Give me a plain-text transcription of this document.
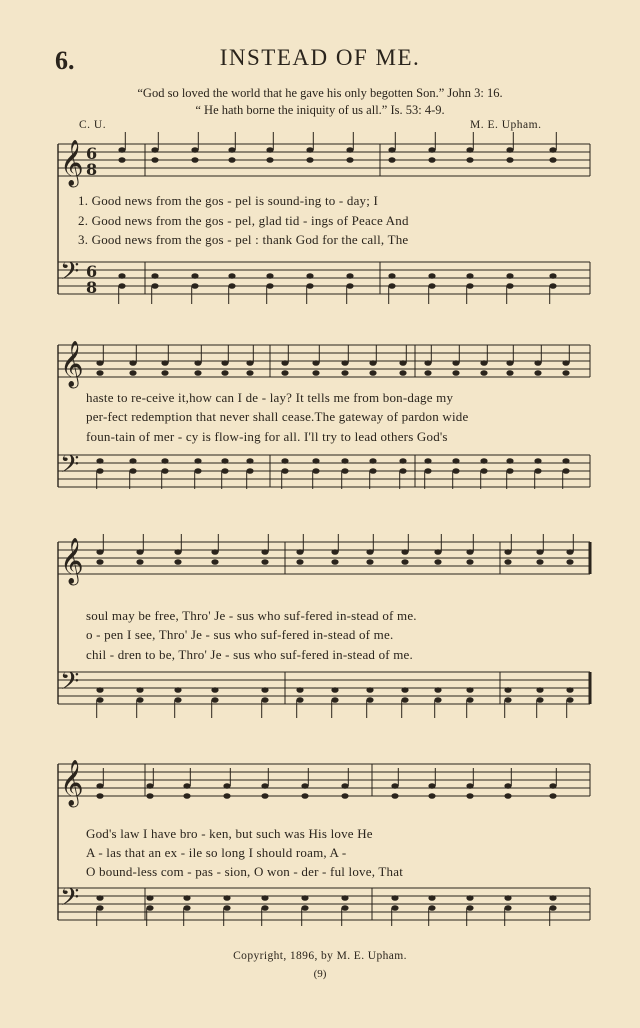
6.	INSTEAD OF ME.
“God so loved the world that he gave his only begotten Son.” John 3: 16.
“ He hath borne the iniquity of us all.” Is. 53: 4-9.
C. U.	M. E. Upham.
𝄞
𝄢
𝄞
𝄢
𝄞
𝄢
𝄞
𝄢
6
8
6
8
1. Good news from the gos - pel is sound-ing to - day; I
2. Good news from the gos - pel, glad tid - ings of Peace And
3. Good news from the gos - pel : thank God for the call, The
haste to re-ceive it,how can I de - lay? It tells me from bon-dage my
per-fect redemption that never shall cease.The gateway of pardon wide
foun-tain of mer - cy is flow-ing for all. I'll try to lead others God's
soul may be free, Thro' Je - sus who suf-fered in-stead of me.
o - pen I see, Thro' Je - sus who suf-fered in-stead of me.
chil - dren to be, Thro' Je - sus who suf-fered in-stead of me.
God's law I have bro - ken, but such was His love He
A - las that an ex - ile so long I should roam, A -
O bound-less com - pas - sion, O won - der - ful love, That
Copyright, 1896, by M. E. Upham.
(9)
